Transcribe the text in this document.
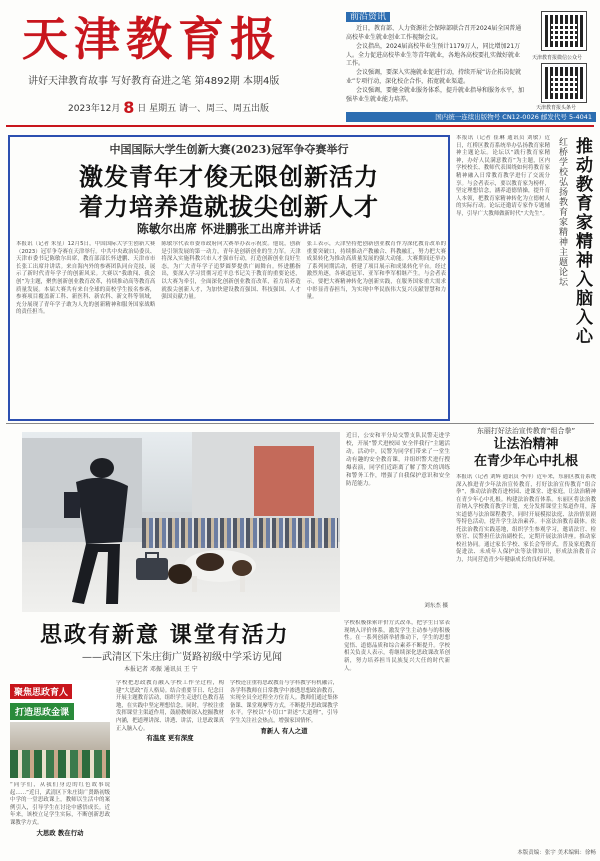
天津教育报
讲好天津教育故事 写好教育奋进之笔 第4892期 本期4版
2023年12月 8 日 星期五 请一、周三、周五出版
前沿资讯

近日，教育部、人力资源社会保障部联合召开2024届全国普通高校毕业生就业创业工作视频会议。

会议指出，2024届高校毕业生预计1179万人，同比增加21万人。全力促进高校毕业生等青年就业，各地各高校要扎实做好就业工作。

会议强调，要深入实施就业促进行动，持续开展“访企拓岗促就业”专项行动，深化校企合作，拓宽就业渠道。

会议强调，要健全就业服务体系，提升就业指导和服务水平，加强毕业生就业能力培养。

天津教育报微信公众号
天津教育报头条号
国内统一连续出版物号 CN12-0026 邮发代号 5-4041
中国国际大学生创新大赛(2023)冠军争夺赛举行
激发青年才俊无限创新活力
着力培养造就拔尖创新人才
陈敏尔出席 怀进鹏张工出席并讲话
本报讯（记者 朱星）12月5日，中国国际大学生创新大赛（2023）冠军争夺赛在天津举行。中共中央政治局委员、天津市委书记陈敏尔出席，教育部部长怀进鹏、天津市市长张工出席并讲话。来自海内外的参赛团队同台竞技，展示了新时代青年学子的创新风采。大赛以“我敢闯、我会创”为主题，聚焦创新创业教育改革，持续推动高等教育高质量发展。本届大赛共有来自全球的高校学生报名参赛，参赛项目覆盖新工科、新医科、新农科、新文科等领域，充分展现了青年学子敢为人先的创新精神和服务国家战略的责任担当。
陈敏尔代表市委市政府向大赛举办表示祝贺。他说，创新是引领发展的第一动力，青年是创新创业的生力军。天津将深入实施科教兴市人才强市行动，打造创新创业良好生态，为广大青年学子追梦圆梦提供广阔舞台。怀进鹏指出，要深入学习贯彻习近平总书记关于教育的重要论述，以大赛为牵引，全面深化创新创业教育改革，着力培养造就拔尖创新人才，为加快建设教育强国、科技强国、人才强国贡献力量。
张工表示，天津坚持把创新创业教育作为深化教育改革的重要突破口，持续推动产教融合、科教融汇，努力把大赛成果转化为推动高质量发展的强大动能。大赛期间还举办了系列同期活动，搭建了项目展示和成果转化平台。经过激烈角逐，各赛道冠军、亚军和季军相继产生。与会者表示，要把大赛精神转化为创新实践，在服务国家重大需求中彰显青春担当，为实现中华民族伟大复兴贡献智慧和力量。
本报讯（记者 崔琳 通讯员 刘敏）近日，红桥区教育系统举办弘扬教育家精神主题论坛。论坛以“践行教育家精神，办好人民满意教育”为主题，区内学校校长、教师代表围绕如何将教育家精神融入日常教育教学进行了交流分享。与会者表示，要以教育家为榜样，坚定理想信念，涵养道德情操，提升育人本领，把教育家精神转化为立德树人的实际行动。论坛还邀请专家作专题辅导，引导广大教师做新时代“大先生”。 红桥学校弘扬教育家精神主题论坛 推动教育家精神入脑入心
近日，公安和平分局交警支队民警走进学校，开展“警犬进校园 安全伴我行”主题活动。活动中，民警为同学们带来了一堂生动有趣的安全教育课，并组织警犬进行搜爆表演，同学们近距离了解了警犬的训练和警务工作，增强了自我保护意识和安全防范能力。
刘东杰 摄
东丽打好法治宣传教育“组合拳”
让法治精神
在青少年心中扎根
本报讯（记者 刘辉 通讯员 李洋）近年来，东丽区教育系统深入推进青少年法治宣传教育，打好法治宣传教育“组合拳”，推动法治教育进校园、进课堂、进家庭，让法治精神在青少年心中扎根。构建法治教育体系。东丽区将法治教育纳入学校教育教学计划，充分发挥课堂主渠道作用，落实道德与法治课程教学，同时开展模拟法庭、法治情景剧等特色活动，提升学生法治素养。丰富法治教育载体。依托法治教育实践基地，组织学生参观学习，邀请法官、检察官、民警担任法治副校长，定期开展法治讲座。推动家校社协同。通过家长学校、家长会等形式，普及家庭教育促进法、未成年人保护法等法律知识，形成法治教育合力，共同营造青少年健康成长的良好环境。
本版责编：张宇 美术编辑：徐畅
思政有新意 课堂有活力
——武清区下朱庄街广贤路初级中学采访见闻
本报记者 邓振 通讯员 王 宁
聚焦思政育人
打造思政金课
“同学们，从我们身边的红色故事说起……”近日，武清区下朱庄街广贤路初级中学的一堂思政课上，教师以生活中的案例引入，引导学生在讨论中感悟成长。近年来，该校立足学生实际，不断创新思政课教学方式。
大思政 教在行动
学校把思政教育融入学校工作全过程，构建“大思政”育人格局。结合重要节日、纪念日开展主题教育活动，组织学生走进红色教育基地，在实践中坚定理想信念。同时，学校注重发挥课堂主渠道作用，鼓励教师深入挖掘教材内涵，把道理讲深、讲透、讲活，让思政课真正入脑入心。
有温度 更有深度
学校还注重将思政教育与学科教学有机融合，各学科教师在日常教学中渗透思想政治教育，实现全员全过程全方位育人。教师们通过集体备课、课堂观摩等方式，不断提升思政课教学水平。学校以“小切口”讲述“大道理”，引导学生关注社会热点，增强家国情怀。
育新人 有人之道
学校积极探索评价方式改革，把学生日常表现纳入评价体系，激发学生主动参与的积极性。在一系列创新举措推动下，学生的思想觉悟、道德品质和综合素养不断提升。学校相关负责人表示，将继续深化思政课改革创新，努力培养担当民族复兴大任的时代新人。
